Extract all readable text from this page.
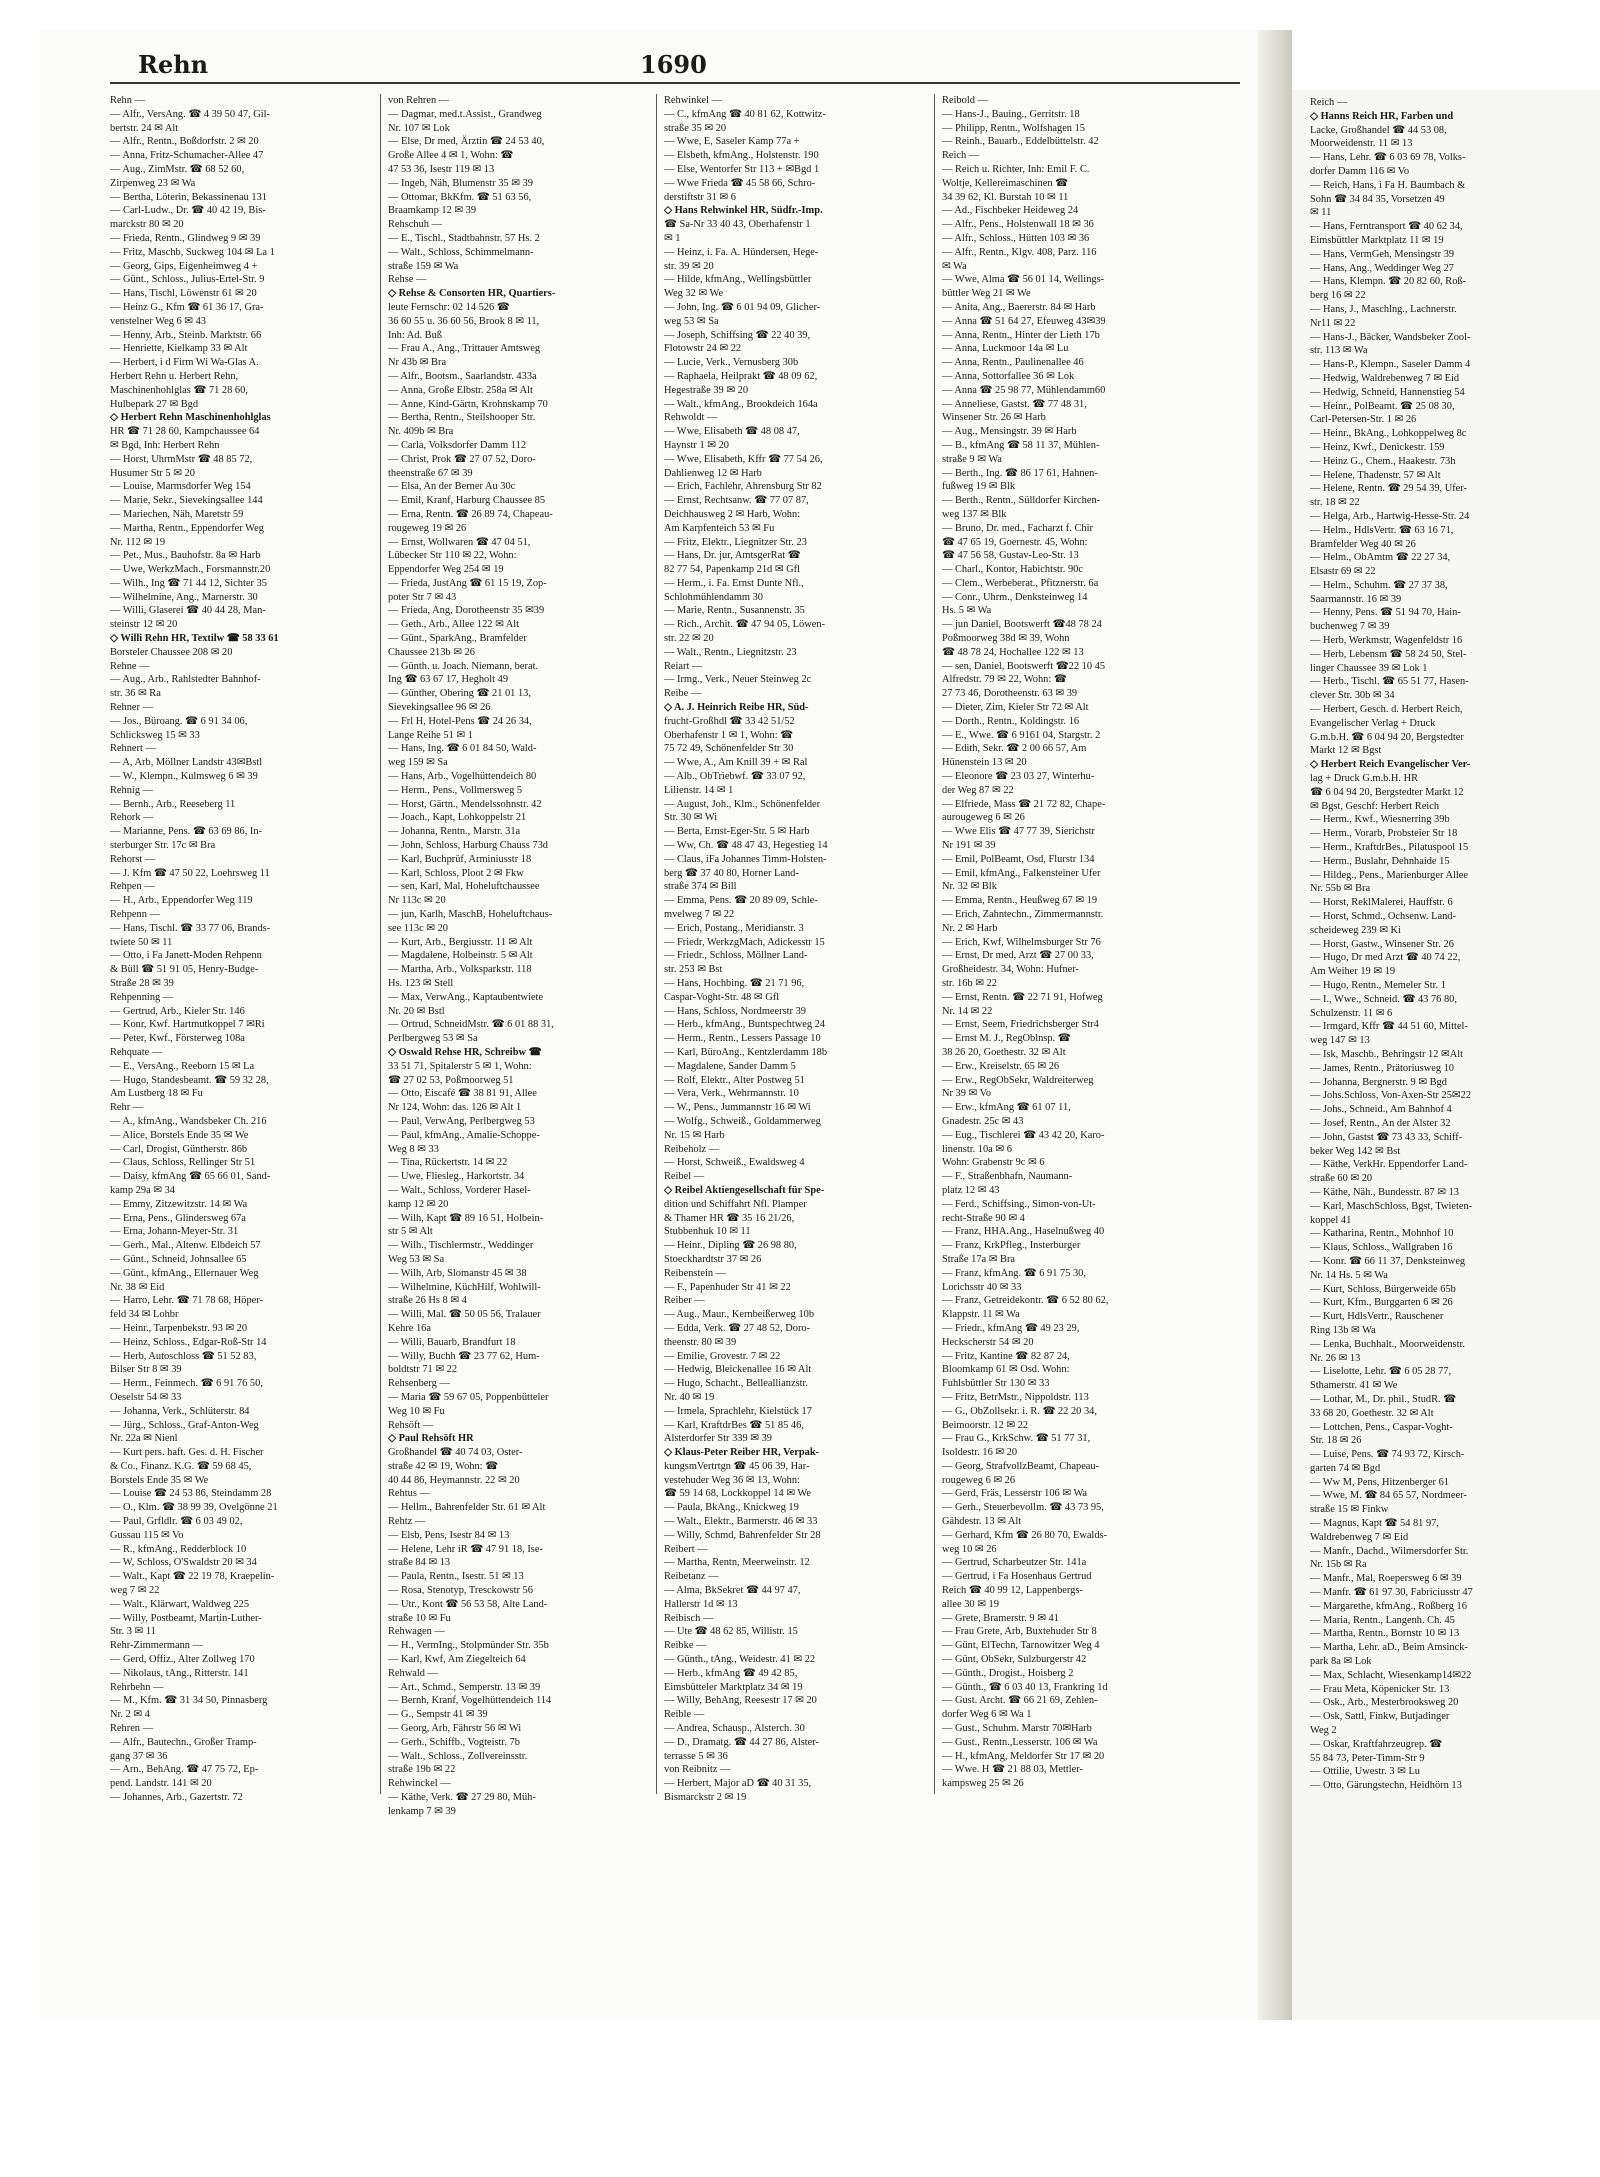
Reich —
◇ Hanns Reich HR, Farben und
Lacke, Großhandel ☎ 44 53 08,
Moorweidenstr. 11 ✉ 13
— Hans, Lehr. ☎ 6 03 69 78, Volks-
dorfer Damm 116 ✉ Vo
— Reich, Hans, i Fa H. Baumbach &
Sohn ☎ 34 84 35, Vorsetzen 49
✉ 11
— Hans, Ferntransport ☎ 40 62 34,
Eimsbüttler Marktplatz 11 ✉ 19
— Hans, VermGeh, Mensingstr 39
— Hans, Ang., Weddinger Weg 27
— Hans, Klempn. ☎ 20 82 60, Roß-
berg 16 ✉ 22
— Hans, J., Maschlng., Lachnerstr.
Nr11 ✉ 22
— Hans-J., Bäcker, Wandsbeker Zool-
str. 113 ✉ Wa
— Hans-P., Klempn., Saseler Damm 4
— Hedwig, Waldrebenweg 7 ✉ Eid
— Hedwig, Schneid, Hannenstieg 54
— Heinr., PolBeamt. ☎ 25 08 30,
Carl-Petersen-Str. 1 ✉ 26
— Heinr., BkAng., Lohkoppelweg 8c
— Heinz, Kwf., Denickestr. 159
— Heinz G., Chem., Haakestr. 73h
— Helene, Thadenstr. 57 ✉ Alt
— Helene, Rentn. ☎ 29 54 39, Ufer-
str. 18 ✉ 22
— Helga, Arb., Hartwig-Hesse-Str. 24
— Helm., HdlsVertr. ☎ 63 16 71,
Bramfelder Weg 40 ✉ 26
— Helm., ObAmtm ☎ 22 27 34,
Elsastr 69 ✉ 22
— Helm., Schuhm. ☎ 27 37 38,
Saarmannstr. 16 ✉ 39
— Henny, Pens. ☎ 51 94 70, Hain-
buchenweg 7 ✉ 39
— Herb, Werkmstr, Wagenfeldstr 16
— Herb, Lebensm ☎ 58 24 50, Stel-
linger Chaussee 39 ✉ Lok 1
— Herb., Tischl. ☎ 65 51 77, Hasen-
clever Str. 30b ✉ 34
— Herbert, Gesch. d. Herbert Reich,
Evangelischer Verlag + Druck
G.m.b.H. ☎ 6 04 94 20, Bergstedter
Markt 12 ✉ Bgst
◇ Herbert Reich Evangelischer Ver-
lag + Druck G.m.b.H. HR
☎ 6 04 94 20, Bergstedter Markt 12
✉ Bgst, Geschf: Herbert Reich
— Herm., Kwf., Wiesnerring 39b
— Herm., Vorarb, Probsteier Str 18
— Herm., KraftdrBes., Pilatuspool 15
— Herm., Buslahr, Dehnhaide 15
— Hildeg., Pens., Marienburger Allee
Nr. 55b ✉ Bra
— Horst, ReklMalerei, Hauffstr. 6
— Horst, Schmd., Ochsenw. Land-
scheideweg 239 ✉ Ki
— Horst, Gastw., Winsener Str. 26
— Hugo, Dr med Arzt ☎ 40 74 22,
Am Weiher 19 ✉ 19
— Hugo, Rentn., Memeler Str. 1
— I., Wwe., Schneid. ☎ 43 76 80,
Schulzenstr. 11 ✉ 6
— Irmgard, Kffr ☎ 44 51 60, Mittel-
weg 147 ✉ 13
— Isk, Maschb., Behringstr 12 ✉Alt
— James, Rentn., Prätoriusweg 10
— Johanna, Bergnerstr. 9 ✉ Bgd
— Johs.Schloss, Von-Axen-Str 25✉22
— Johs., Schneid., Am Bahnhof 4
— Josef, Rentn., An der Alster 32
— John, Gastst ☎ 73 43 33, Schiff-
beker Weg 142 ✉ Bst
— Käthe, VerkHr. Eppendorfer Land-
straße 60 ✉ 20
— Käthe, Näh., Bundesstr. 87 ✉ 13
— Karl, MaschSchloss, Bgst, Twieten-
koppel 41
— Katharina, Rentn., Mohnhof 10
— Klaus, Schloss., Wallgraben 16
— Konr. ☎ 66 11 37, Denksteinweg
Nr. 14 Hs. 5 ✉ Wa
— Kurt, Schloss, Bürgerweide 65b
— Kurt, Kfm., Burggarten 6 ✉ 26
— Kurt, HdlsVertr., Rauschener
Ring 13b ✉ Wa
— Lenka, Buchhalt., Moorweidenstr.
Nr. 26 ✉ 13
— Liselotte, Lehr. ☎ 6 05 28 77,
Sthamerstr. 41 ✉ We
— Lothar, M., Dr. phil., StudR. ☎
33 68 20, Goethestr. 32 ✉ Alt
— Lottchen, Pens., Caspar-Voght-
Str. 18 ✉ 26
— Luise, Pens. ☎ 74 93 72, Kirsch-
garten 74 ✉ Bgd
— Ww M, Pens, Hitzenberger 61
— Wwe, M. ☎ 84 65 57, Nordmeer-
straße 15 ✉ Finkw
— Magnus, Kapt ☎ 54 81 97,
Waldrebenweg 7 ✉ Eid
— Manfr., Dachd., Wilmersdorfer Str.
Nr. 15b ✉ Ra
— Manfr., Mal, Roepersweg 6 ✉ 39
— Manfr. ☎ 61 97 30, Fabriciusstr 47
— Margarethe, kfmAng., Roßberg 16
— Maria, Rentn., Langenh. Ch. 45
— Martha, Rentn., Bornstr 10 ✉ 13
— Martha, Lehr. aD., Beim Amsinck-
park 8a ✉ Lok
— Max, Schlacht, Wiesenkamp14✉22
— Frau Meta, Köpenicker Str. 13
— Osk., Arb., Mesterbrooksweg 20
— Osk, Sattl, Finkw, Butjadinger
Weg 2
— Oskar, Kraftfahrzeugrep. ☎
55 84 73, Peter-Timm-Str 9
— Ottilie, Uwestr. 3 ✉ Lu
— Otto, Gärungstechn, Heidhörn 13
Rehn	1690
Rehn —
— Alfr., VersAng. ☎ 4 39 50 47, Gil-
bertstr. 24 ✉ Alt
— Alfr., Rentn., Boßdorfstr. 2 ✉ 20
— Anna, Fritz-Schumacher-Allee 47
— Aug., ZimMstr. ☎ 68 52 60,
Zirpenweg 23 ✉ Wa
— Bertha, Löterin, Bekassinenau 131
— Carl-Ludw., Dr. ☎ 40 42 19, Bis-
marckstr 80 ✉ 20
— Frieda, Rentn., Glindweg 9 ✉ 39
— Fritz, Maschb, Suckweg 104 ✉ La 1
— Georg, Gips, Eigenheimweg 4 +
— Günt., Schloss., Julius-Ertel-Str. 9
— Hans, Tischl, Löwenstr 61 ✉ 20
— Heinz G., Kfm ☎ 61 36 17, Gra-
venstelner Weg 6 ✉ 43
— Henny, Arb., Steinb. Marktstr. 66
— Henriette, Kielkamp 33 ✉ Alt
— Herbert, i d Firm Wi Wa-Glas A.
Herbert Rehn u. Herbert Rehn,
Maschinenhohlglas ☎ 71 28 60,
Hulbepark 27 ✉ Bgd
◇ Herbert Rehn Maschinenhohlglas
HR ☎ 71 28 60, Kampchaussee 64
✉ Bgd, Inh: Herbert Rehn
— Horst, UhrmMstr ☎ 48 85 72,
Husumer Str 5 ✉ 20
— Louise, Marmsdorfer Weg 154
— Marie, Sekr., Sievekingsallee 144
— Mariechen, Näh, Maretstr 59
— Martha, Rentn., Eppendorfer Weg
Nr. 112 ✉ 19
— Pet., Mus., Bauhofstr. 8a ✉ Harb
— Uwe, WerkzMach., Forsmannstr.20
— Wilh., Ing ☎ 71 44 12, Sichter 35
— Wilhelmine, Ang., Marnerstr. 30
— Willi, Glaserei ☎ 40 44 28, Man-
steinstr 12 ✉ 20
◇ Willi Rehn HR, Textilw ☎ 58 33 61
Borsteler Chaussee 208 ✉ 20
Rehne —
— Aug., Arb., Rahlstedter Bahnhof-
str. 36 ✉ Ra
Rehner —
— Jos., Büroang. ☎ 6 91 34 06,
Schlicksweg 15 ✉ 33
Rehnert —
— A, Arb, Möllner Landstr 43✉Bstl
— W., Klempn., Kulmsweg 6 ✉ 39
Rehnig —
— Bernh., Arb., Reeseberg 11
Rehork —
— Marianne, Pens. ☎ 63 69 86, In-
sterburger Str. 17c ✉ Bra
Rehorst —
— J. Kfm ☎ 47 50 22, Loehrsweg 11
Rehpen —
— H., Arb., Eppendorfer Weg 119
Rehpenn —
— Hans, Tischl. ☎ 33 77 06, Brands-
twiete 50 ✉ 11
— Otto, i Fa Janett-Moden Rehpenn
& Büll ☎ 51 91 05, Henry-Budge-
Straße 28 ✉ 39
Rehpenning —
— Gertrud, Arb., Kieler Str. 146
— Konr, Kwf. Hartmutkoppel 7 ✉Ri
— Peter, Kwf., Försterweg 108a
Rehquate —
— E., VersAng., Reeborn 15 ✉ La
— Hugo, Standesbeamt. ☎ 59 32 28,
Am Lustberg 18 ✉ Fu
Rehr —
— A., kfmAng., Wandsbeker Ch. 216
— Alice, Borstels Ende 35 ✉ We
— Carl, Drogist, Güntherstr. 86b
— Claus, Schloss, Rellinger Str 51
— Daisy, kfmAng ☎ 65 66 01, Sand-
kamp 29a ✉ 34
— Emmy, Zitzewitzstr. 14 ✉ Wa
— Erna, Pens., Glindersweg 67a
— Erna, Johann-Meyer-Str. 31
— Gerh., Mal., Altenw. Elbdeich 57
— Günt., Schneid, Johnsallee 65
— Günt., kfmAng., Ellernauer Weg
Nr. 38 ✉ Eid
— Harro, Lehr. ☎ 71 78 68, Höper-
feld 34 ✉ Lohbr
— Heinr., Tarpenbekstr. 93 ✉ 20
— Heinz, Schloss., Edgar-Roß-Str 14
— Herb, Autoschloss ☎ 51 52 83,
Bilser Str 8 ✉ 39
— Herm., Feinmech. ☎ 6 91 76 50,
Oeselstr 54 ✉ 33
— Johanna, Verk., Schlüterstr. 84
— Jürg., Schloss., Graf-Anton-Weg
Nr. 22a ✉ Nienl
— Kurt pers. haft. Ges. d. H. Fischer
& Co., Finanz. K.G. ☎ 59 68 45,
Borstels Ende 35 ✉ We
— Louise ☎ 24 53 86, Steindamm 28
— O., Klm. ☎ 38 99 39, Ovelgönne 21
— Paul, Grfldlr. ☎ 6 03 49 02,
Gussau 115 ✉ Vo
— R., kfmAng., Redderblock 10
— W, Schloss, O'Swaldstr 20 ✉ 34
— Walt., Kapt ☎ 22 19 78, Kraepelin-
weg 7 ✉ 22
— Walt., Klärwart, Waldweg 225
— Willy, Postbeamt, Martin-Luther-
Str. 3 ✉ 11
Rehr-Zimmermann —
— Gerd, Offiz., Alter Zollweg 170
— Nikolaus, tAng., Ritterstr. 141
Rehrbehn —
— M., Kfm. ☎ 31 34 50, Pinnasberg
Nr. 2 ✉ 4
Rehren —
— Alfr., Bautechn., Großer Tramp-
gang 37 ✉ 36
— Arn., BehAng. ☎ 47 75 72, Ep-
pend. Landstr. 141 ✉ 20
— Johannes, Arb., Gazertstr. 72
von Rehren —
— Dagmar, med.t.Assist., Grandweg
Nr. 107 ✉ Lok
— Else, Dr med, Ärztin ☎ 24 53 40,
Große Allee 4 ✉ 1, Wohn: ☎
47 53 36, Isestr 119 ✉ 13
— Ingeb, Näh, Blumenstr 35 ✉ 39
— Ottomar, BkKfm. ☎ 51 63 56,
Braamkamp 12 ✉ 39
Rehschuh —
— E., Tischl., Stadtbahnstr. 57 Hs. 2
— Walt., Schloss, Schimmelmann-
straße 159 ✉ Wa
Rehse —
◇ Rehse & Consorten HR, Quartiers-
leute Fernschr: 02 14 526 ☎
36 60 55 u. 36 60 56, Brook 8 ✉ 11,
Inh: Ad. Buß
— Frau A., Ang., Trittauer Amtsweg
Nr 43b ✉ Bra
— Alfr., Bootsm., Saarlandstr. 433a
— Anna, Große Elbstr. 258a ✉ Alt
— Anne, Kind-Gärtn, Krohnskamp 70
— Bertha, Rentn., Steilshooper Str.
Nr. 409b ✉ Bra
— Carla, Volksdorfer Damm 112
— Christ, Prok ☎ 27 07 52, Doro-
theenstraße 67 ✉ 39
— Elsa, An der Berner Au 30c
— Emil, Kranf, Harburg Chaussee 85
— Erna, Rentn. ☎ 26 89 74, Chapeau-
rougeweg 19 ✉ 26
— Ernst, Wollwaren ☎ 47 04 51,
Lübecker Str 110 ✉ 22, Wohn:
Eppendorfer Weg 254 ✉ 19
— Frieda, JustAng ☎ 61 15 19, Zop-
poter Str 7 ✉ 43
— Frieda, Ang, Dorotheenstr 35 ✉39
— Geth., Arb., Allee 122 ✉ Alt
— Günt., SparkAng., Bramfelder
Chaussee 213b ✉ 26
— Günth. u. Joach. Niemann, berat.
Ing ☎ 63 67 17, Hegholt 49
— Günther, Obering ☎ 21 01 13,
Sievekingsallee 96 ✉ 26
— Frl H, Hotel-Pens ☎ 24 26 34,
Lange Reihe 51 ✉ 1
— Hans, Ing. ☎ 6 01 84 50, Wald-
weg 159 ✉ Sa
— Hans, Arb., Vogelhüttendeich 80
— Herm., Pens., Vollmersweg 5
— Horst, Gärtn., Mendelssohnstr. 42
— Joach., Kapt, Lohkoppelstr 21
— Johanna, Rentn., Marstr. 31a
— John, Schloss, Harburg Chauss 73d
— Karl, Buchprüf, Arminiusstr 18
— Karl, Schloss, Ploot 2 ✉ Fkw
— sen, Karl, Mal, Hoheluftchaussee
Nr 113c ✉ 20
— jun, Karlh, MaschB, Hoheluftchaus-
see 113c ✉ 20
— Kurt, Arb., Bergiusstr. 11 ✉ Alt
— Magdalene, Holbeinstr. 5 ✉ Alt
— Martha, Arb., Volksparkstr. 118
Hs. 123 ✉ Stell
— Max, VerwAng., Kaptaubentwiete
Nr. 20 ✉ Bstl
— Ortrud, SchneidMstr. ☎ 6 01 88 31,
Perlbergweg 53 ✉ Sa
◇ Oswald Rehse HR, Schreibw ☎
33 51 71, Spitalerstr 5 ✉ 1, Wohn:
☎ 27 02 53, Poßmoorweg 51
— Otto, Eiscafé ☎ 38 81 91, Allee
Nr 124, Wohn: das. 126 ✉ Alt 1
— Paul, VerwAng, Perlbergweg 53
— Paul, kfmAng., Amalie-Schoppe-
Weg 8 ✉ 33
— Tina, Rückertstr. 14 ✉ 22
— Uwe, Fliesleg., Harkortstr. 34
— Walt., Schloss, Vorderer Hasel-
kamp 12 ✉ 20
— Wilh, Kapt ☎ 89 16 51, Holbein-
str 5 ✉ Alt
— Wilh., Tischlermstr., Weddinger
Weg 53 ✉ Sa
— Wilh, Arb, Slomanstr 45 ✉ 38
— Wilhelmine, KüchHilf, Wohlwill-
straße 26 Hs 8 ✉ 4
— Willi, Mal. ☎ 50 05 56, Tralauer
Kehre 16a
— Willi, Bauarb, Brandfurt 18
— Willy, Buchh ☎ 23 77 62, Hum-
boldtstr 71 ✉ 22
Rehsenberg —
— Maria ☎ 59 67 05, Poppenbütteler
Weg 10 ✉ Fu
Rehsöft —
◇ Paul Rehsöft HR
Großhandel ☎ 40 74 03, Oster-
straße 42 ✉ 19, Wohn: ☎
40 44 86, Heymannstr. 22 ✉ 20
Rehtus —
— Hellm., Bahrenfelder Str. 61 ✉ Alt
Rehtz —
— Elsb, Pens, Isestr 84 ✉ 13
— Helene, Lehr iR ☎ 47 91 18, Ise-
straße 84 ✉ 13
— Paula, Rentn., Isestr. 51 ✉ 13
— Rosa, Stenotyp, Tresckowstr 56
— Utr., Kont ☎ 56 53 58, Alte Land-
straße 10 ✉ Fu
Rehwagen —
— H., VermIng., Stolpmünder Str. 35b
— Karl, Kwf, Am Ziegelteich 64
Rehwald —
— Art., Schmd., Semperstr. 13 ✉ 39
— Bernh, Kranf, Vogelhüttendeich 114
— G., Sempstr 41 ✉ 39
— Georg, Arb, Fährstr 56 ✉ Wi
— Gerh., Schiffb., Vogteistr. 7b
— Walt., Schloss., Zollvereinsstr.
straße 19b ✉ 22
Rehwinckel —
— Käthe, Verk. ☎ 27 29 80, Müh-
lenkamp 7 ✉ 39
Rehwinkel —
— C., kfmAng ☎ 40 81 62, Kottwitz-
straße 35 ✉ 20
— Wwe, E, Saseler Kamp 77a +
— Elsbeth, kfmAng., Holstenstr. 190
— Else, Wentorfer Str 113 + ✉Bgd 1
— Wwe Frieda ☎ 45 58 66, Schro-
derstiftstr 31 ✉ 6
◇ Hans Rehwinkel HR, Südfr.-Imp.
☎ Sa-Nr 33 40 43, Oberhafenstr 1
✉ 1
— Heinz, i. Fa. A. Hündersen, Hege-
str. 39 ✉ 20
— Hilde, kfmAng., Wellingsbüttler
Weg 32 ✉ We
— John, Ing. ☎ 6 01 94 09, Glicher-
weg 53 ✉ Sa
— Joseph, Schiffsing ☎ 22 40 39,
Flotowstr 24 ✉ 22
— Lucie, Verk., Vernusberg 30b
— Raphaela, Heilprakt ☎ 48 09 62,
Hegestraße 39 ✉ 20
— Walt., kfmAng., Brookdeich 164a
Rehwoldt —
— Wwe, Elisabeth ☎ 48 08 47,
Haynstr 1 ✉ 20
— Wwe, Elisabeth, Kffr ☎ 77 54 26,
Dahlienweg 12 ✉ Harb
— Erich, Fachlehr, Ahrensburg Str 82
— Ernst, Rechtsanw. ☎ 77 07 87,
Deichhausweg 2 ✉ Harb, Wohn:
Am Karpfenteich 53 ✉ Fu
— Fritz, Elektr., Liegnitzer Str. 23
— Hans, Dr. jur, AmtsgerRat ☎
82 77 54, Papenkamp 21d ✉ Gfl
— Herm., i. Fa. Ernst Dunte Nfl.,
Schlohmühlendamm 30
— Marie, Rentn., Susannenstr. 35
— Rich., Archit. ☎ 47 94 05, Löwen-
str. 22 ✉ 20
— Walt., Rentn., Liegnitzstr. 23
Reiart —
— Irmg., Verk., Neuer Steinweg 2c
Reibe —
◇ A. J. Heinrich Reibe HR, Süd-
frucht-Großhdl ☎ 33 42 51/52
Oberhafenstr 1 ✉ 1, Wohn: ☎
75 72 49, Schönenfelder Str 30
— Wwe, A., Am Knill 39 + ✉ Ral
— Alb., ObTriebwf. ☎ 33 07 92,
Lilienstr. 14 ✉ 1
— August, Joh., Klm., Schönenfelder
Str. 30 ✉ Wi
— Berta, Ernst-Eger-Str. 5 ✉ Harb
— Ww, Ch. ☎ 48 47 43, Hegestieg 14
— Claus, iFa Johannes Timm-Holsten-
berg ☎ 37 40 80, Horner Land-
straße 374 ✉ Bill
— Emma, Pens. ☎ 20 89 09, Schle-
mvelweg 7 ✉ 22
— Erich, Postang., Meridianstr. 3
— Friedr, WerkzgMach, Adickesstr 15
— Friedr., Schloss, Möllner Land-
str. 253 ✉ Bst
— Hans, Hochbing. ☎ 21 71 96,
Caspar-Voght-Str. 48 ✉ Gfl
— Hans, Schloss, Nordmeerstr 39
— Herb., kfmAng., Buntspechtweg 24
— Herm., Rentn., Lessers Passage 10
— Karl, BüroAng., Kentzlerdamm 18b
— Magdalene, Sander Damm 5
— Rolf, Elektr., Alter Postweg 51
— Vera, Verk., Wehrmannstr. 10
— W., Pens., Jummannstr 16 ✉ Wi
— Wolfg., Schweiß., Goldammerweg
Nr. 15 ✉ Harb
Reibeholz —
— Horst, Schweiß., Ewaldsweg 4
Reibel —
◇ Reibel Aktiengesellschaft für Spe-
dition und Schiffahrt Nfl. Plamper
& Thamer HR ☎ 35 16 21/26,
Stubbenhuk 10 ✉ 11
— Heinr., Dipling ☎ 26 98 80,
Stoeckhardtstr 37 ✉ 26
Reibenstein —
— F., Papenhuder Str 41 ✉ 22
Reiber —
— Aug., Maur., Kernbeißerweg 10b
— Edda, Verk. ☎ 27 48 52, Doro-
theenstr. 80 ✉ 39
— Emilie, Grovestr. 7 ✉ 22
— Hedwig, Bleickenallee 16 ✉ Alt
— Hugo, Schacht., Belleallianzstr.
Nr. 40 ✉ 19
— Irmela, Sprachlehr, Kielstück 17
— Karl, KraftdrBes ☎ 51 85 46,
Alsterdorfer Str 339 ✉ 39
◇ Klaus-Peter Reiber HR, Verpak-
kungsmVertrtgn ☎ 45 06 39, Har-
vestehuder Weg 36 ✉ 13, Wohn:
☎ 59 14 68, Lockkoppel 14 ✉ We
— Paula, BkAng., Knickweg 19
— Walt., Elektr., Barmerstr. 46 ✉ 33
— Willy, Schmd, Bahrenfelder Str 28
Reibert —
— Martha, Rentn, Meerweinstr. 12
Reibetanz —
— Alma, BkSekret ☎ 44 97 47,
Hallerstr 1d ✉ 13
Reibisch —
— Ute ☎ 48 62 85, Willistr. 15
Reibke —
— Günth., tAng., Weidestr. 41 ✉ 22
— Herb., kfmAng ☎ 49 42 85,
Eimsbütteler Marktplatz 34 ✉ 19
— Willy, BehAng, Reesestr 17 ✉ 20
Reible —
— Andrea, Schausp., Alsterch. 30
— D., Dramatg. ☎ 44 27 86, Alster-
terrasse 5 ✉ 36
von Reibnitz —
— Herbert, Major aD ☎ 40 31 35,
Bismarckstr 2 ✉ 19
Reibold —
— Hans-J., Bauing., Gerritstr. 18
— Philipp, Rentn., Wolfshagen 15
— Reinh., Bauarb., Eddelbüttelstr. 42
Reich —
— Reich u. Richter, Inh: Emil F. C.
Woltje, Kellereimaschinen ☎
34 39 62, Kl. Burstah 10 ✉ 11
— Ad., Fischbeker Heideweg 24
— Alfr., Pens., Holstenwall 18 ✉ 36
— Alfr., Schloss., Hütten 103 ✉ 36
— Alfr., Rentn., Klgv. 408, Parz. 116
✉ Wa
— Wwe, Alma ☎ 56 01 14, Wellings-
büttler Weg 21 ✉ We
— Anita, Ang., Baererstr. 84 ✉ Harb
— Anna ☎ 51 64 27, Efeuweg 43✉39
— Anna, Rentn., Hinter der Lieth 17b
— Anna, Luckmoor 14a ✉ Lu
— Anna, Rentn., Paulinenallee 46
— Anna, Sottorfallee 36 ✉ Lok
— Anna ☎ 25 98 77, Mühlendamm60
— Anneliese, Gastst. ☎ 77 48 31,
Winsener Str. 26 ✉ Harb
— Aug., Mensingstr. 39 ✉ Harb
— B., kfmAng ☎ 58 11 37, Mühlen-
straße 9 ✉ Wa
— Berth., Ing. ☎ 86 17 61, Hahnen-
fußweg 19 ✉ Blk
— Berth., Rentn., Sülldorfer Kirchen-
weg 137 ✉ Blk
— Bruno, Dr. med., Facharzt f. Chir
☎ 47 65 19, Goernestr. 45, Wohn:
☎ 47 56 58, Gustav-Leo-Str. 13
— Charl., Kontor, Habichtstr. 90c
— Clem., Werbeberat., Pfitznerstr. 6a
— Conr., Uhrm., Denksteinweg 14
Hs. 5 ✉ Wa
— jun Daniel, Bootswerft ☎48 78 24
Poßmoorweg 38d ✉ 39, Wohn
☎ 48 78 24, Hochallee 122 ✉ 13
— sen, Daniel, Bootswerft ☎22 10 45
Alfredstr. 79 ✉ 22, Wohn: ☎
27 73 46, Dorotheenstr. 63 ✉ 39
— Dieter, Zim, Kieler Str 72 ✉ Alt
— Dorth., Rentn., Koldingstr. 16
— E., Wwe. ☎ 6 9161 04, Stargstr. 2
— Edith, Sekr. ☎ 2 00 66 57, Am
Hünenstein 13 ✉ 20
— Eleonore ☎ 23 03 27, Winterhu-
der Weg 87 ✉ 22
— Elfriede, Mass ☎ 21 72 82, Chape-
aurougeweg 6 ✉ 26
— Wwe Elis ☎ 47 77 39, Sierichstr
Nr 191 ✉ 39
— Emil, PolBeamt, Osd, Flurstr 134
— Emil, kfmAng., Falkensteiner Ufer
Nr. 32 ✉ Blk
— Emma, Rentn., Heußweg 67 ✉ 19
— Erich, Zahntechn., Zimmermannstr.
Nr. 2 ✉ Harb
— Erich, Kwf, Wilhelmsburger Str 76
— Ernst, Dr med, Arzt ☎ 27 00 33,
Großheidestr. 34, Wohn: Hufner-
str. 16b ✉ 22
— Ernst, Rentn. ☎ 22 71 91, Hofweg
Nr. 14 ✉ 22
— Ernst, Seem, Friedrichsberger Str4
— Ernst M. J., RegOblnsp. ☎
38 26 20, Goethestr. 32 ✉ Alt
— Erw., Kreiselstr. 65 ✉ 26
— Erw., RegObSekr, Waldreiterweg
Nr 39 ✉ Vo
— Erw., kfmAng ☎ 61 07 11,
Gnadestr. 25c ✉ 43
— Eug., Tischlerei ☎ 43 42 20, Karo-
linenstr. 10a ✉ 6
Wohn: Grabenstr 9c ✉ 6
— F., Straßenbhafn, Naumann-
platz 12 ✉ 43
— Ferd., Schiffsing., Simon-von-Ut-
recht-Straße 90 ✉ 4
— Franz, HHA.Ang., Haselnußweg 40
— Franz, KrkPfleg., Insterburger
Straße 17a ✉ Bra
— Franz, kfmAng. ☎ 6 91 75 30,
Lorichsstr 40 ✉ 33
— Franz, Getreidekontr. ☎ 6 52 80 62,
Klappstr. 11 ✉ Wa
— Friedr., kfmAng ☎ 49 23 29,
Heckscherstr 54 ✉ 20
— Fritz, Kantine ☎ 82 87 24,
Bloomkamp 61 ✉ Osd. Wohn:
Fuhlsbüttler Str 130 ✉ 33
— Fritz, BetrMstr., Nippoldstr. 113
— G., ObZollsekr. i. R. ☎ 22 20 34,
Beimoorstr. 12 ✉ 22
— Frau G., KrkSchw. ☎ 51 77 31,
Isoldestr. 16 ✉ 20
— Georg, StrafvollzBeamt, Chapeau-
rougeweg 6 ✉ 26
— Gerd, Fräs, Lesserstr 106 ✉ Wa
— Gerh., Steuerbevollm. ☎ 43 73 95,
Gähdestr. 13 ✉ Alt
— Gerhard, Kfm ☎ 26 80 70, Ewalds-
weg 10 ✉ 26
— Gertrud, Scharbeutzer Str. 141a
— Gertrud, i Fa Hosenhaus Gertrud
Reich ☎ 40 99 12, Lappenbergs-
allee 30 ✉ 19
— Grete, Bramerstr. 9 ✉ 41
— Frau Grete, Arb, Buxtehuder Str 8
— Günt, ElTechn, Tarnowitzer Weg 4
— Günt, ObSekr, Sulzburgerstr 42
— Günth., Drogist., Hoisberg 2
— Günth., ☎ 6 03 40 13, Frankring 1d
— Gust. Archt. ☎ 66 21 69, Zehlen-
dorfer Weg 6 ✉ Wa 1
— Gust., Schuhm. Marstr 70✉Harb
— Gust., Rentn.,Lesserstr. 106 ✉ Wa
— H., kfmAng, Meldorfer Str 17 ✉ 20
— Wwe. H ☎ 21 88 03, Mettler-
kampsweg 25 ✉ 26
